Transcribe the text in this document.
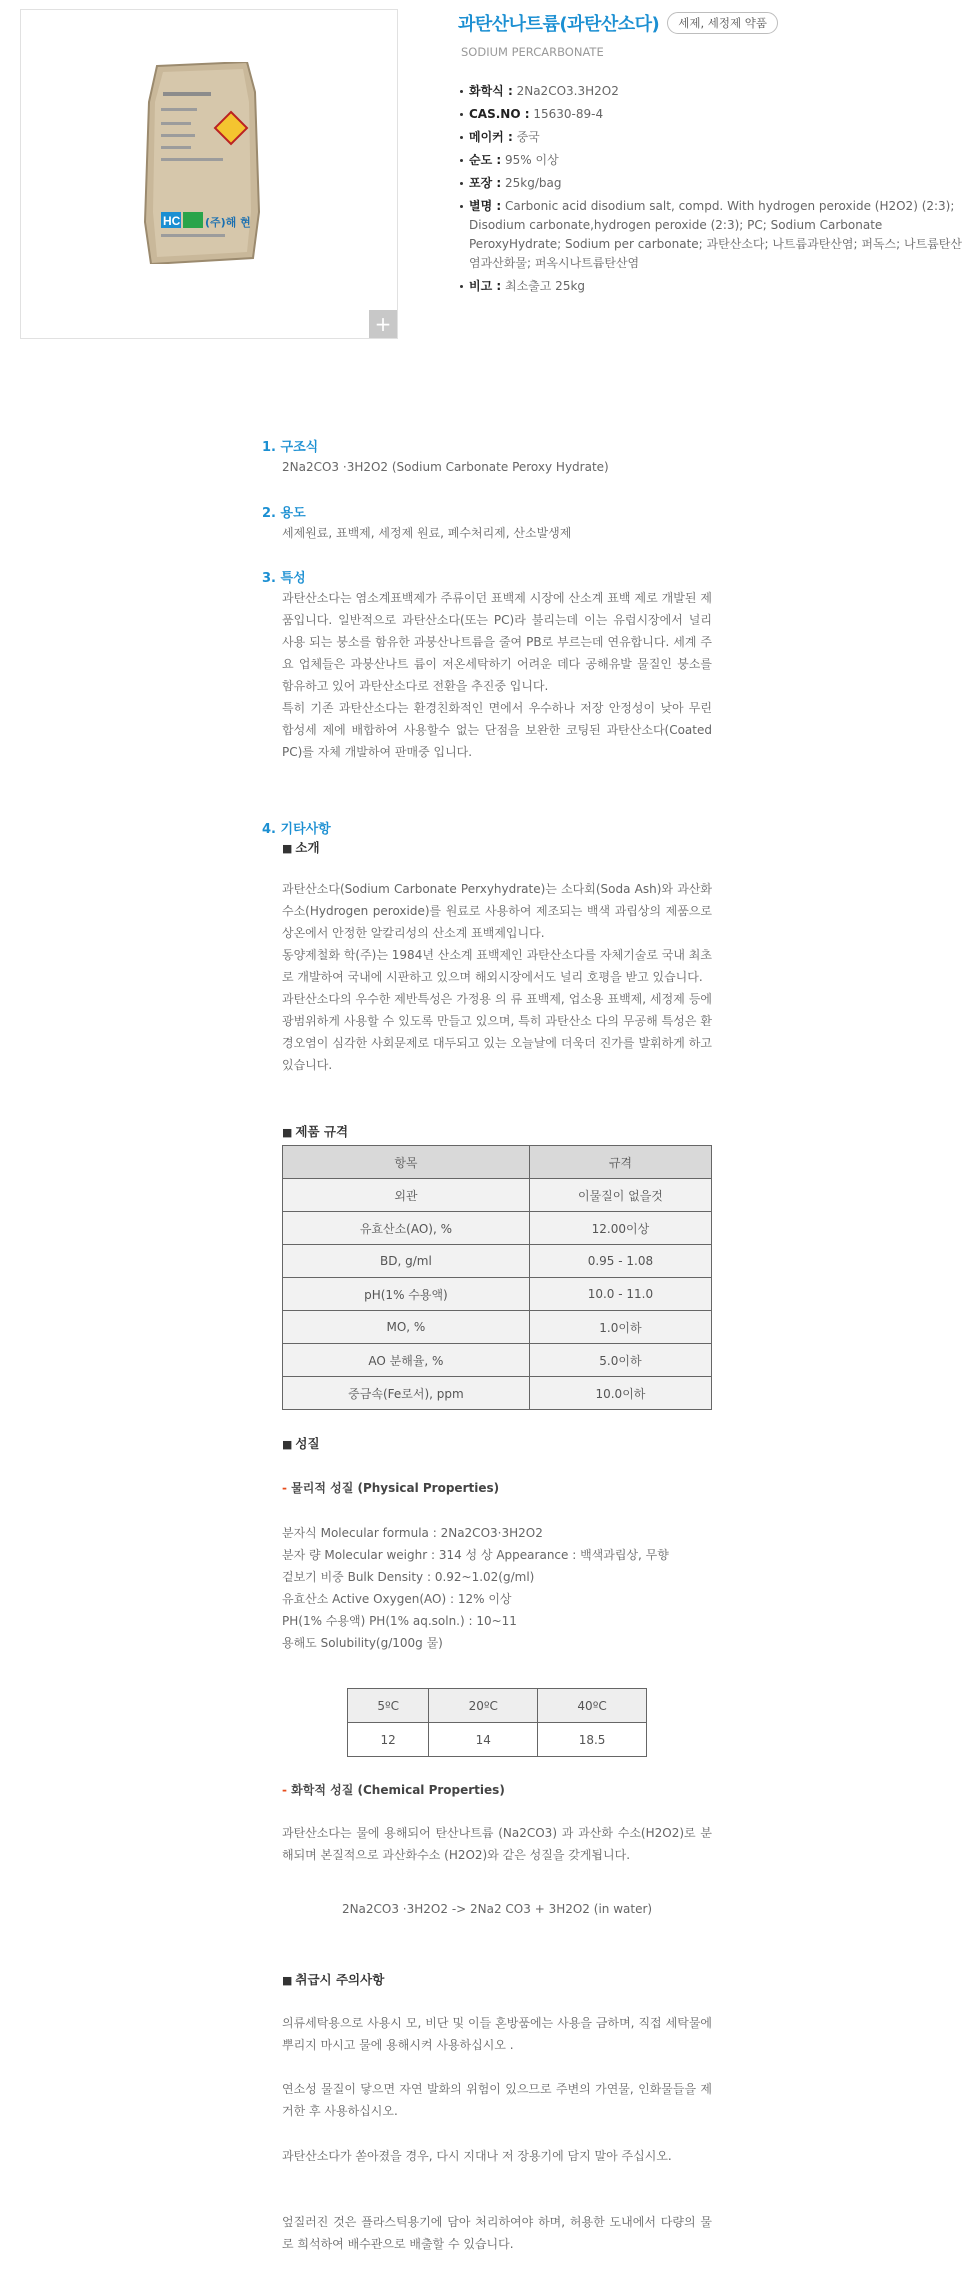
HC (주)해 현
+
과탄산나트륨(과탄산소다)	세제, 세정제 약품
SODIUM PERCARBONATE
화학식 : 2Na2CO3.3H2O2
CAS.NO : 15630-89-4
메이커 : 중국
순도 : 95% 이상
포장 : 25kg/bag
별명 : Carbonic acid disodium salt, compd. With hydrogen peroxide (H2O2) (2:3); Disodium carbonate,hydrogen peroxide (2:3); PC; Sodium Carbonate PeroxyHydrate; Sodium per carbonate; 과탄산소다; 나트륨과탄산염; 퍼독스; 나트륨탄산염과산화물; 퍼옥시나트륨탄산염
비고 : 최소출고 25kg
1. 구조식
2Na2CO3 ·3H2O2 (Sodium Carbonate Peroxy Hydrate)
2. 용도
세제원료, 표백제, 세정제 원료, 폐수처리제, 산소발생제
3. 특성

과탄산소다는 염소계표백제가 주류이던 표백제 시장에 산소계 표백 제로 개발된 제품입니다. 일반적으로 과탄산소다(또는 PC)라 불리는데 이는 유럽시장에서 널리 사용 되는 붕소를 함유한 과붕산나트륨을 줄여 PB로 부르는데 연유합니다. 세계 주요 업체들은 과붕산나트 륨이 저온세탁하기 어려운 데다 공해유발 물질인 붕소를 함유하고 있어 과탄산소다로 전환을 추진중 입니다.

특히 기존 과탄산소다는 환경친화적인 면에서 우수하나 저장 안정성이 낮아 무린 합성세 제에 배합하여 사용할수 없는 단점을 보완한 코팅된 과탄산소다(Coated PC)를 자체 개발하여 판매중 입니다.

4. 기타사항
■ 소개

과탄산소다(Sodium Carbonate Perxyhydrate)는 소다회(Soda Ash)와 과산화수소(Hydrogen peroxide)를 원료로 사용하여 제조되는 백색 과립상의 제품으로 상온에서 안정한 알칼리성의 산소계 표백제입니다.

동양제철화 학(주)는 1984년 산소계 표백제인 과탄산소다를 자체기술로 국내 최초로 개발하여 국내에 시판하고 있으며 해외시장에서도 널리 호평을 받고 있습니다.

과탄산소다의 우수한 제반특성은 가정용 의 류 표백제, 업소용 표백제, 세정제 등에 광범위하게 사용할 수 있도록 만들고 있으며, 특히 과탄산소 다의 무공해 특성은 환경오염이 심각한 사회문제로 대두되고 있는 오늘날에 더욱더 진가를 발휘하게 하고 있습니다.

■ 제품 규격
항목	규격
외관	이물질이 없을것
유효산소(AO), %	12.00이상
BD, g/ml	0.95 - 1.08
pH(1% 수용액)	10.0 - 11.0
MO, %	1.0이하
AO 분해율, %	5.0이하
중금속(Fe로서), ppm	10.0이하
■ 성질
- 물리적 성질 (Physical Properties)
분자식 Molecular formula : 2Na2CO3·3H2O2
분자 량 Molecular weighr : 314 성 상 Appearance : 백색과립상, 무향
겉보기 비중 Bulk Density : 0.92~1.02(g/ml)
유효산소 Active Oxygen(AO) : 12% 이상
PH(1% 수용액) PH(1% aq.soln.) : 10~11
용해도 Solubility(g/100g 물)
5ºC	20ºC	40ºC
12	14	18.5
- 화학적 성질 (Chemical Properties)
과탄산소다는 물에 용해되어 탄산나트륨 (Na2CO3) 과 과산화 수소(H2O2)로 분해되며 본질적으로 과산화수소 (H2O2)와 같은 성질을 갖게됩니다.
2Na2CO3 ·3H2O2 -> 2Na2 CO3 + 3H2O2 (in water)
■ 취급시 주의사항
의류세탁용으로 사용시 모, 비단 및 이들 혼방품에는 사용을 금하며, 직접 세탁물에 뿌리지 마시고 물에 용해시켜 사용하십시오 .
연소성 물질이 닿으면 자연 발화의 위험이 있으므로 주변의 가연물, 인화물들을 제거한 후 사용하십시오.
과탄산소다가 쏟아졌을 경우, 다시 지대나 저 장용기에 담지 말아 주십시오.
엎질러진 것은 플라스틱용기에 담아 처리하여야 하며, 허용한 도내에서 다량의 물로 희석하여 배수관으로 배출할 수 있습니다.
